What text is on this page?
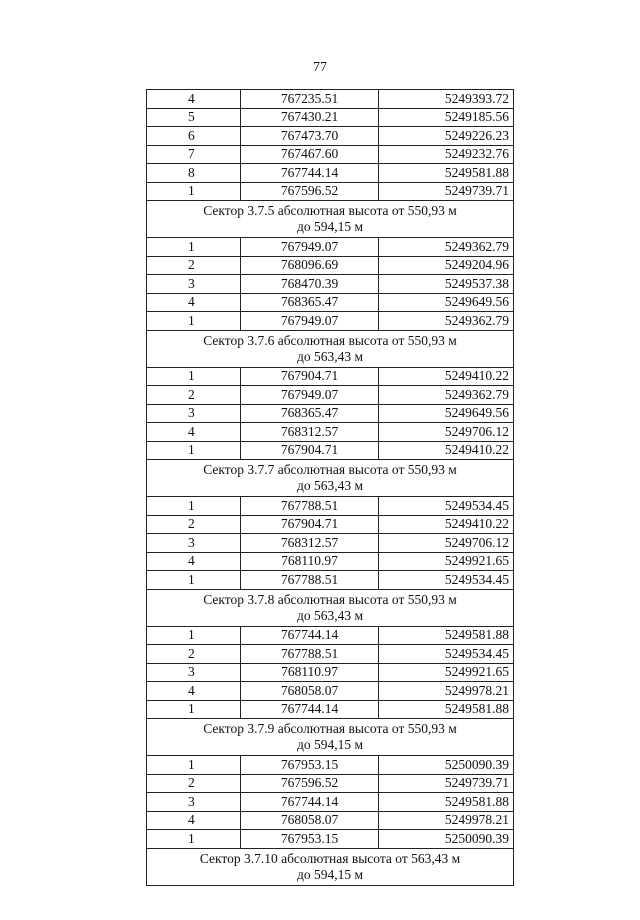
77
4	767235.51	5249393.72
5	767430.21	5249185.56
6	767473.70	5249226.23
7	767467.60	5249232.76
8	767744.14	5249581.88
1	767596.52	5249739.71

Сектор 3.7.5 абсолютная высота от 550,93 м
до 594,15 м		

1	767949.07	5249362.79
2	768096.69	5249204.96
3	768470.39	5249537.38
4	768365.47	5249649.56
1	767949.07	5249362.79

Сектор 3.7.6 абсолютная высота от 550,93 м
до 563,43 м		

1	767904.71	5249410.22
2	767949.07	5249362.79
3	768365.47	5249649.56
4	768312.57	5249706.12
1	767904.71	5249410.22

Сектор 3.7.7 абсолютная высота от 550,93 м
до 563,43 м		

1	767788.51	5249534.45
2	767904.71	5249410.22
3	768312.57	5249706.12
4	768110.97	5249921.65
1	767788.51	5249534.45

Сектор 3.7.8 абсолютная высота от 550,93 м
до 563,43 м		

1	767744.14	5249581.88
2	767788.51	5249534.45
3	768110.97	5249921.65
4	768058.07	5249978.21
1	767744.14	5249581.88

Сектор 3.7.9 абсолютная высота от 550,93 м
до 594,15 м		

1	767953.15	5250090.39
2	767596.52	5249739.71
3	767744.14	5249581.88
4	768058.07	5249978.21
1	767953.15	5250090.39

Сектор 3.7.10 абсолютная высота от 563,43 м
до 594,15 м		
